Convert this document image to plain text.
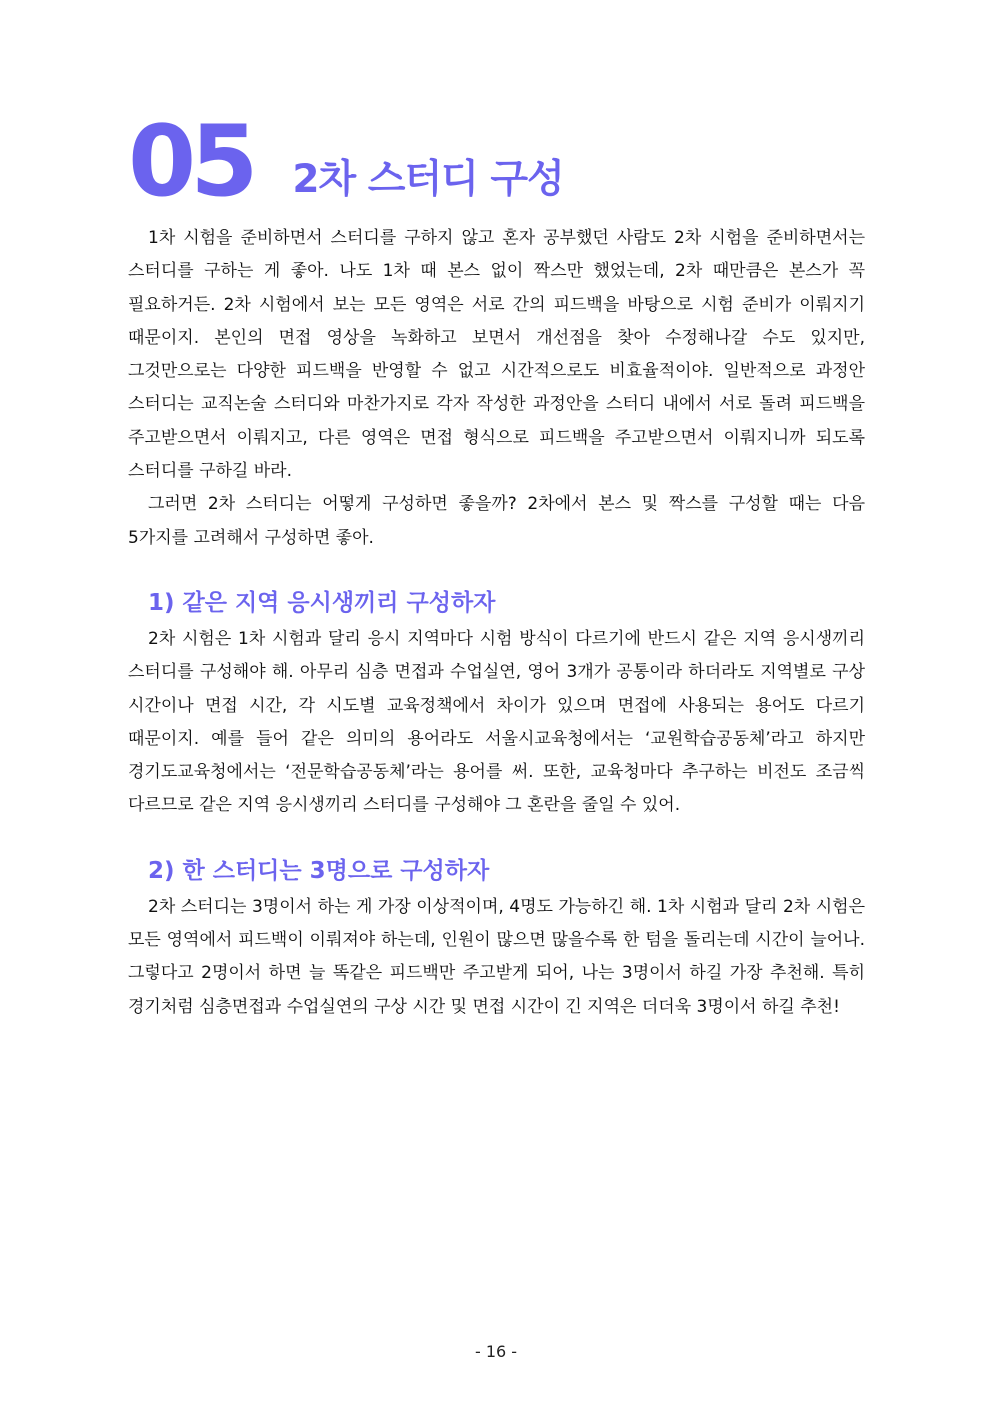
05 2차 스터디 구성

1차 시험을 준비하면서 스터디를 구하지 않고 혼자 공부했던 사람도 2차 시험을 준비하면서는 스터디를 구하는 게 좋아. 나도 1차 때 본스 없이 짝스만 했었는데, 2차 때만큼은 본스가 꼭 필요하거든. 2차 시험에서 보는 모든 영역은 서로 간의 피드백을 바탕으로 시험 준비가 이뤄지기 때문이지. 본인의 면접 영상을 녹화하고 보면서 개선점을 찾아 수정해나갈 수도 있지만, 그것만으로는 다양한 피드백을 반영할 수 없고 시간적으로도 비효율적이야. 일반적으로 과정안 스터디는 교직논술 스터디와 마찬가지로 각자 작성한 과정안을 스터디 내에서 서로 돌려 피드백을 주고받으면서 이뤄지고, 다른 영역은 면접 형식으로 피드백을 주고받으면서 이뤄지니까 되도록 스터디를 구하길 바라.

그러면 2차 스터디는 어떻게 구성하면 좋을까? 2차에서 본스 및 짝스를 구성할 때는 다음 5가지를 고려해서 구성하면 좋아.

1) 같은 지역 응시생끼리 구성하자

2차 시험은 1차 시험과 달리 응시 지역마다 시험 방식이 다르기에 반드시 같은 지역 응시생끼리 스터디를 구성해야 해. 아무리 심층 면접과 수업실연, 영어 3개가 공통이라 하더라도 지역별로 구상 시간이나 면접 시간, 각 시도별 교육정책에서 차이가 있으며 면접에 사용되는 용어도 다르기 때문이지. 예를 들어 같은 의미의 용어라도 서울시교육청에서는 ‘교원학습공동체’라고 하지만 경기도교육청에서는 ‘전문학습공동체’라는 용어를 써. 또한, 교육청마다 추구하는 비전도 조금씩 다르므로 같은 지역 응시생끼리 스터디를 구성해야 그 혼란을 줄일 수 있어.

2) 한 스터디는 3명으로 구성하자

2차 스터디는 3명이서 하는 게 가장 이상적이며, 4명도 가능하긴 해. 1차 시험과 달리 2차 시험은 모든 영역에서 피드백이 이뤄져야 하는데, 인원이 많으면 많을수록 한 텀을 돌리는데 시간이 늘어나. 그렇다고 2명이서 하면 늘 똑같은 피드백만 주고받게 되어, 나는 3명이서 하길 가장 추천해. 특히 경기처럼 심층면접과 수업실연의 구상 시간 및 면접 시간이 긴 지역은 더더욱 3명이서 하길 추천!

- 16 -
